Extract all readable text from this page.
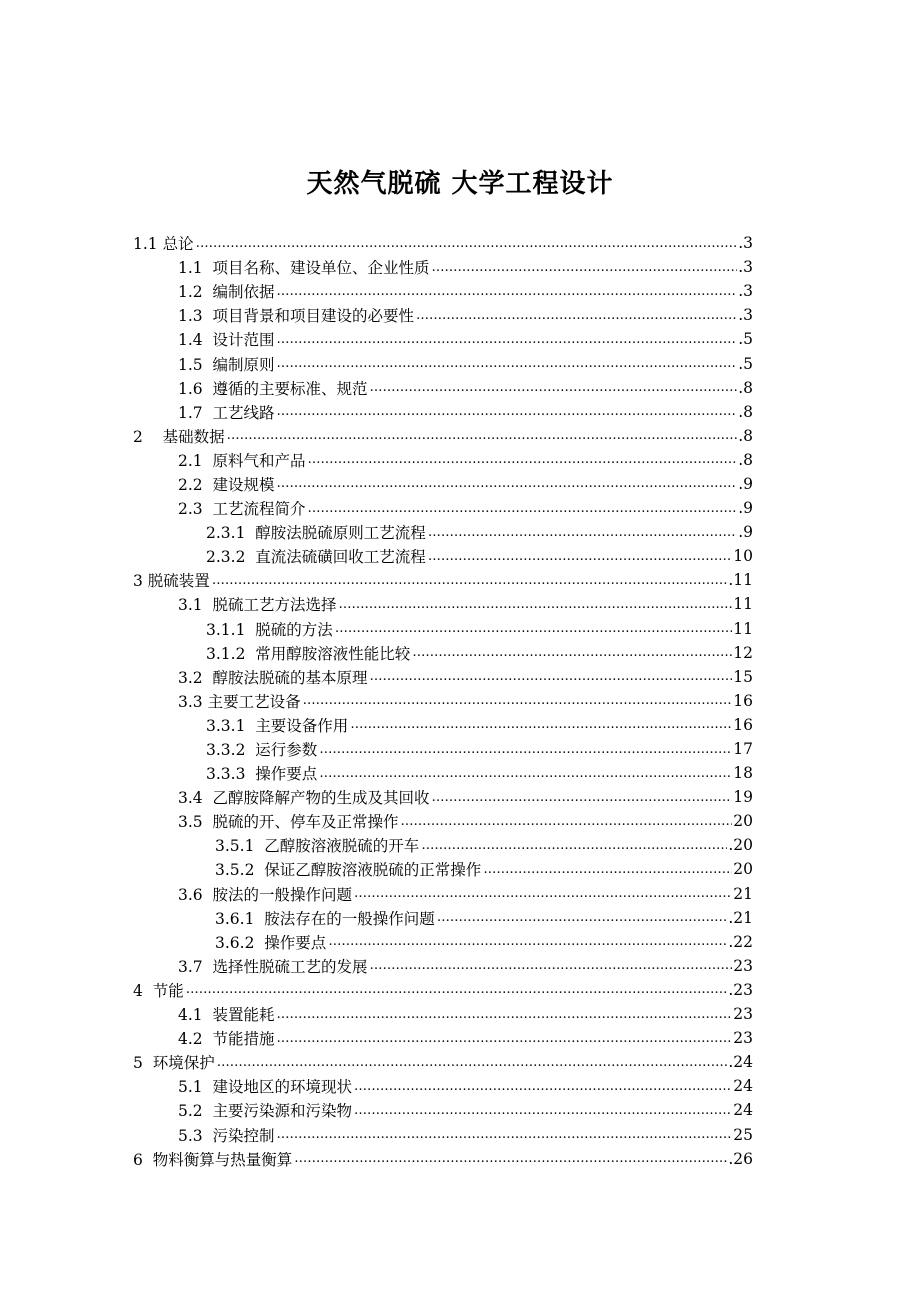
天然气脱硫 大学工程设计
1.1 总论 ……………………………………………………………………………………………………………………………………………………	.3
1.1  项目名称、建设单位、企业性质 ……………………………………………………………………………………………………………………………………………………	.3
1.2  编制依据 ……………………………………………………………………………………………………………………………………………………	.3
1.3  项目背景和项目建设的必要性 ……………………………………………………………………………………………………………………………………………………	.3
1.4  设计范围 ……………………………………………………………………………………………………………………………………………………	.5
1.5  编制原则 ……………………………………………………………………………………………………………………………………………………	.5
1.6  遵循的主要标准、规范 ……………………………………………………………………………………………………………………………………………………	.8
1.7  工艺线路 ……………………………………………………………………………………………………………………………………………………	.8
2    基础数据 ……………………………………………………………………………………………………………………………………………………	.8
2.1  原料气和产品 ……………………………………………………………………………………………………………………………………………………	.8
2.2  建设规模 ……………………………………………………………………………………………………………………………………………………	.9
2.3  工艺流程简介 ……………………………………………………………………………………………………………………………………………………	.9
2.3.1  醇胺法脱硫原则工艺流程 ……………………………………………………………………………………………………………………………………………………	.9
2.3.2  直流法硫磺回收工艺流程 ……………………………………………………………………………………………………………………………………………………	10
3 脱硫装置 ……………………………………………………………………………………………………………………………………………………	.11
3.1  脱硫工艺方法选择 ……………………………………………………………………………………………………………………………………………………	11
3.1.1  脱硫的方法 ……………………………………………………………………………………………………………………………………………………	11
3.1.2  常用醇胺溶液性能比较 ……………………………………………………………………………………………………………………………………………………	12
3.2  醇胺法脱硫的基本原理 ……………………………………………………………………………………………………………………………………………………	15
3.3 主要工艺设备 ……………………………………………………………………………………………………………………………………………………	16
3.3.1  主要设备作用 ……………………………………………………………………………………………………………………………………………………	16
3.3.2  运行参数 ……………………………………………………………………………………………………………………………………………………	17
3.3.3  操作要点 ……………………………………………………………………………………………………………………………………………………	18
3.4  乙醇胺降解产物的生成及其回收 ……………………………………………………………………………………………………………………………………………………	19
3.5  脱硫的开、停车及正常操作 ……………………………………………………………………………………………………………………………………………………	20
3.5.1  乙醇胺溶液脱硫的开车 ……………………………………………………………………………………………………………………………………………………	.20
3.5.2  保证乙醇胺溶液脱硫的正常操作 ……………………………………………………………………………………………………………………………………………………	20
3.6  胺法的一般操作问题 ……………………………………………………………………………………………………………………………………………………	21
3.6.1  胺法存在的一般操作问题 ……………………………………………………………………………………………………………………………………………………	.21
3.6.2  操作要点 ……………………………………………………………………………………………………………………………………………………	.22
3.7  选择性脱硫工艺的发展 ……………………………………………………………………………………………………………………………………………………	23
4  节能 ……………………………………………………………………………………………………………………………………………………	.23
4.1  装置能耗 ……………………………………………………………………………………………………………………………………………………	23
4.2  节能措施 ……………………………………………………………………………………………………………………………………………………	23
5  环境保护 ……………………………………………………………………………………………………………………………………………………	.24
5.1  建设地区的环境现状 ……………………………………………………………………………………………………………………………………………………	24
5.2  主要污染源和污染物 ……………………………………………………………………………………………………………………………………………………	24
5.3  污染控制 ……………………………………………………………………………………………………………………………………………………	25
6  物料衡算与热量衡算 ……………………………………………………………………………………………………………………………………………………	.26
